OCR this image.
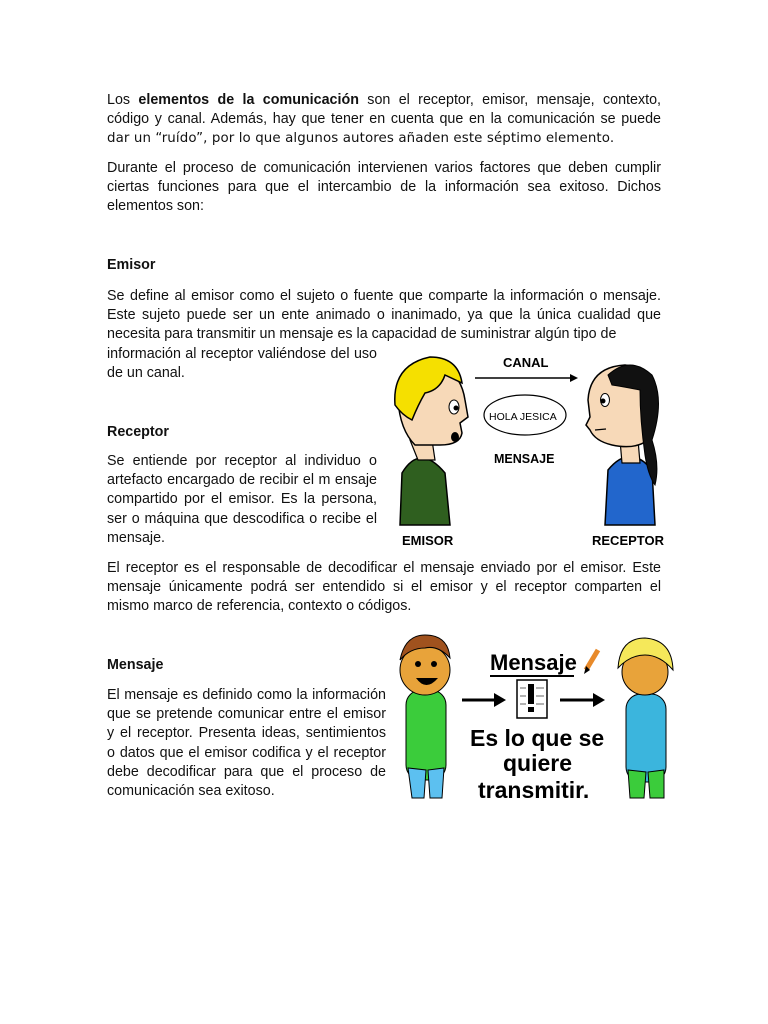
Los elementos de la comunicación son el receptor, emisor, mensaje, contexto, código y canal. Además, hay que tener en cuenta que en la comunicación se puede dar un “ruído”, por lo que algunos autores añaden este séptimo elemento.

Durante el proceso de comunicación intervienen varios factores que deben cumplir ciertas funciones para que el intercambio de la información sea exitoso. Dichos elementos son:

Emisor

Se define al emisor como el sujeto o fuente que comparte la información o mensaje. Este sujeto puede ser un ente animado o inanimado, ya que la única cualidad que necesita para transmitir un mensaje es la capacidad de suministrar algún tipo de

información al receptor valiéndose del uso de un canal.

Receptor

Se entiende por receptor al individuo o artefacto encargado de recibir el m ensaje compartido por el emisor. Es la persona, ser o máquina que descodifica o recibe el mensaje.

El receptor es el responsable de decodificar el mensaje enviado por el emisor. Este mensaje únicamente podrá ser entendido si el emisor y el receptor comparten el mismo marco de referencia, contexto o códigos.

Mensaje

El mensaje es definido como la información que se pretende comunicar entre el emisor y el receptor. Presenta ideas, sentimientos o datos que el emisor codifica y el receptor debe decodificar para que el proceso de comunicación sea exitoso.

CANAL
HOLA JESICA
MENSAJE
EMISOR	RECEPTOR
Mensaje
Es lo que se
quiere
transmitir.
